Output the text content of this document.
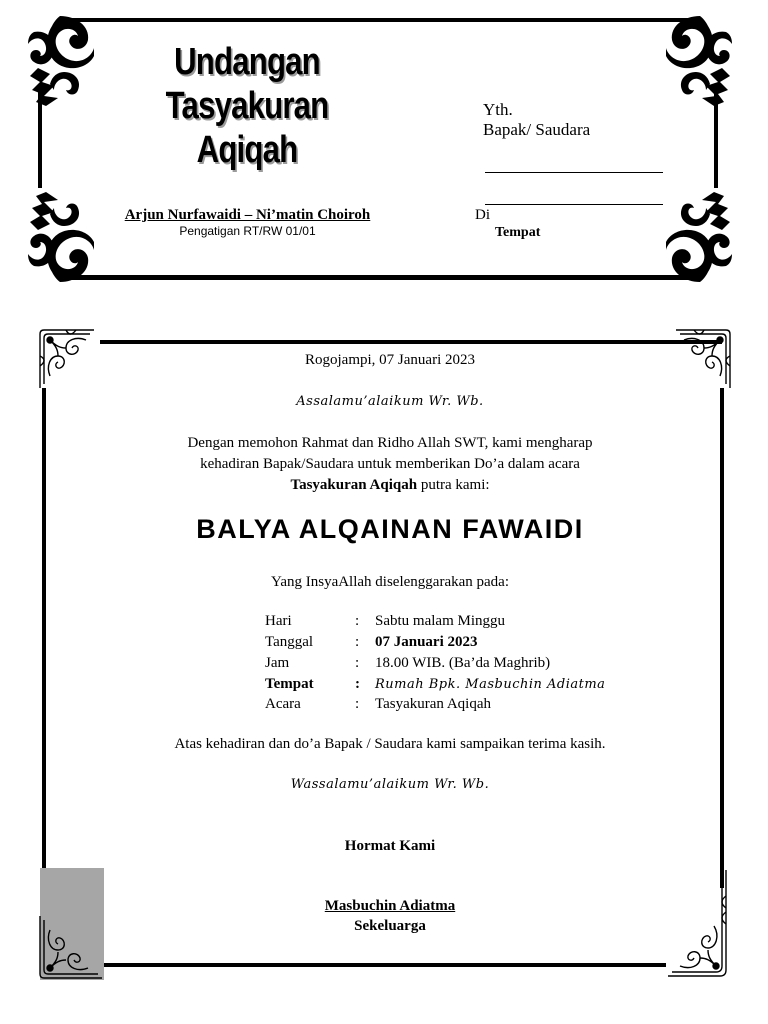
Undangan
Tasyakuran Aqiqah
Yth.
Bapak/ Saudara
Di
Tempat
Arjun Nurfawaidi – Ni’matin Choiroh
Pengatigan RT/RW 01/01
Rogojampi, 07 Januari 2023
Assalamu’alaikum Wr. Wb.
Dengan memohon Rahmat dan Ridho Allah SWT, kami mengharap
kehadiran Bapak/Saudara untuk memberikan Do’a dalam acara
Tasyakuran Aqiqah putra kami:
BALYA ALQAINAN FAWAIDI
Yang InsyaAllah diselenggarakan pada:
Hari	:	Sabtu malam Minggu
Tanggal	:	07 Januari 2023
Jam	:	18.00 WIB. (Ba’da Maghrib)
Tempat	:	Rumah Bpk. Masbuchin Adiatma
Acara	:	Tasyakuran Aqiqah
Atas kehadiran dan do’a Bapak / Saudara kami sampaikan terima kasih.
Wassalamu’alaikum Wr. Wb.
Hormat Kami
Masbuchin Adiatma
Sekeluarga
